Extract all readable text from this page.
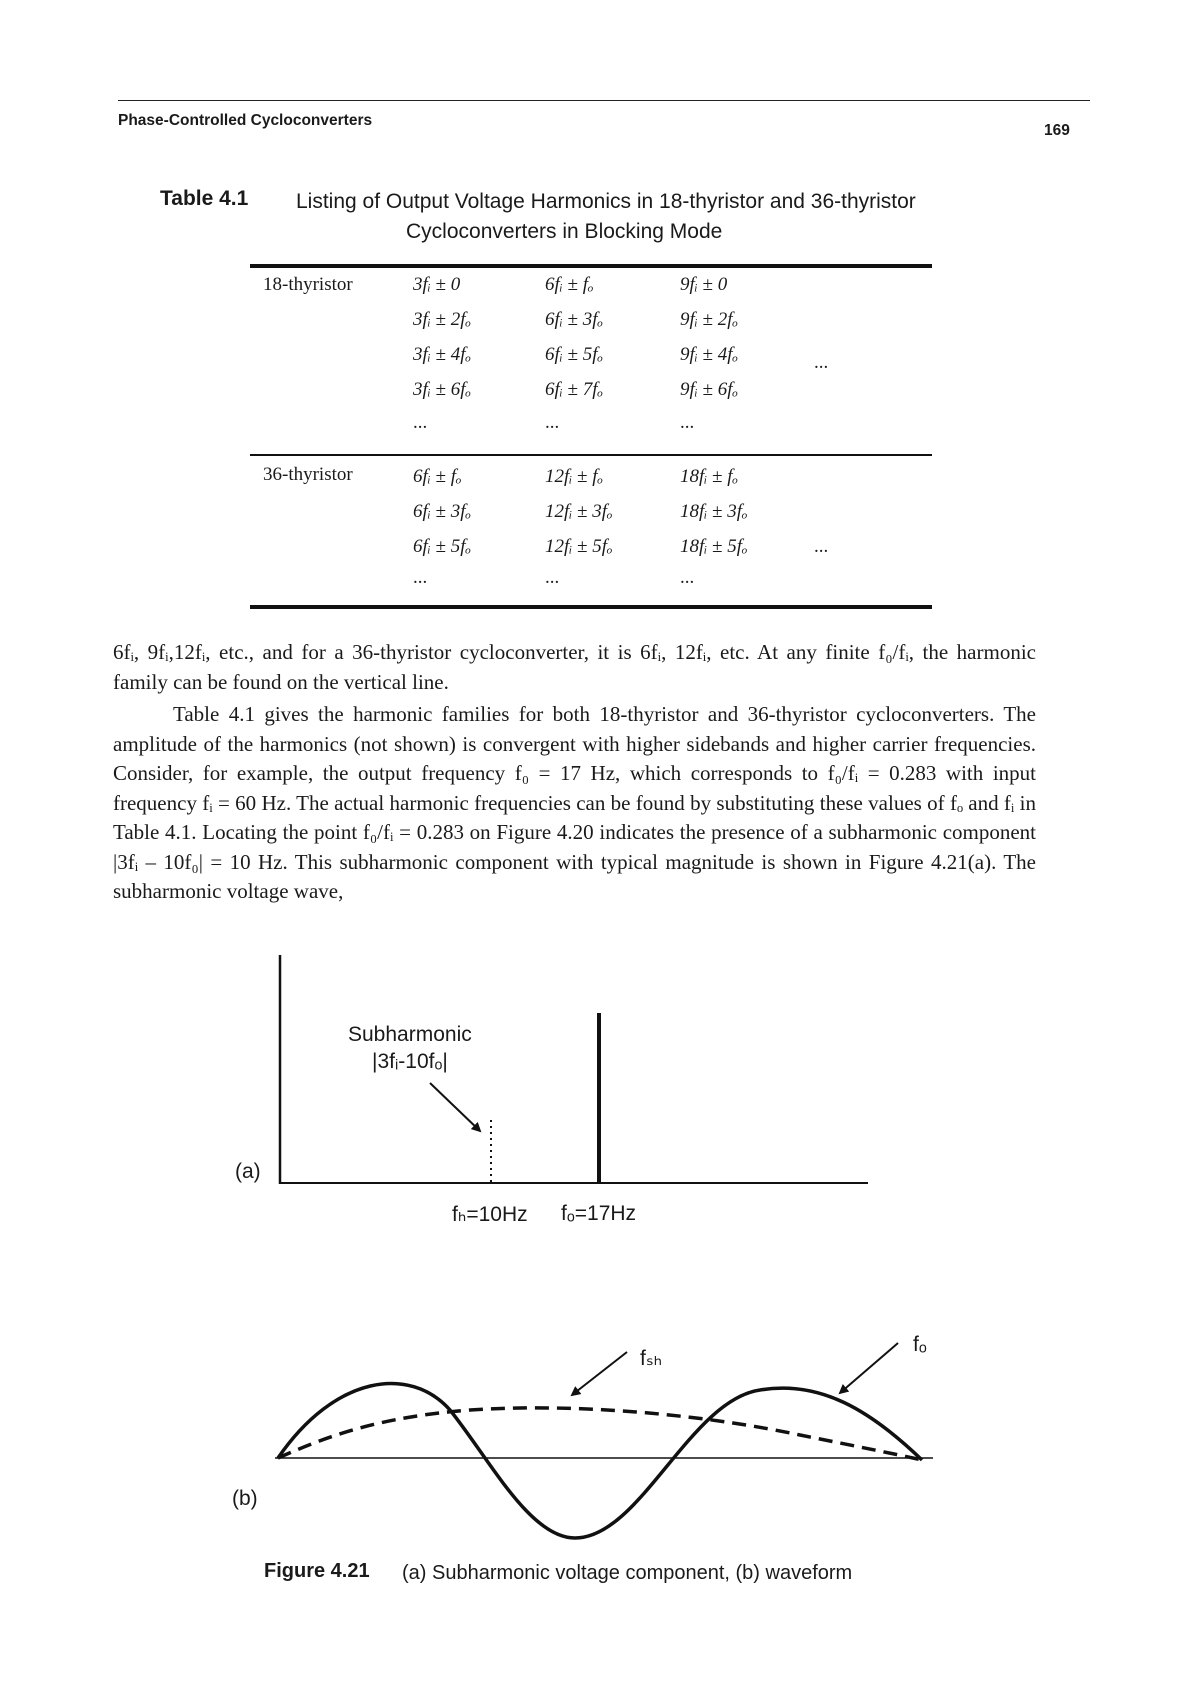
Phase-Controlled Cycloconverters
169
Table 4.1 Listing of Output Voltage Harmonics in 18-thyristor and 36-thyristor
Cycloconverters in Blocking Mode
18-thyristor	3fᵢ ± 0
3fᵢ ± 2fₒ
3fᵢ ± 4fₒ
3fᵢ ± 6fₒ
...
6fᵢ ± fₒ
6fᵢ ± 3fₒ
6fᵢ ± 5fₒ
6fᵢ ± 7fₒ
...
9fᵢ ± 0
9fᵢ ± 2fₒ
9fᵢ ± 4fₒ
9fᵢ ± 6fₒ
...
...
36-thyristor	6fᵢ ± fₒ
6fᵢ ± 3fₒ
6fᵢ ± 5fₒ
...
12fᵢ ± fₒ
12fᵢ ± 3fₒ
12fᵢ ± 5fₒ
...
18fᵢ ± fₒ
18fᵢ ± 3fₒ
18fᵢ ± 5fₒ
...
...
6fᵢ, 9fᵢ,12fᵢ, etc., and for a 36-thyristor cycloconverter, it is 6fᵢ, 12fᵢ, etc. At any finite f₀/fᵢ, the harmonic family can be found on the vertical line.
Table 4.1 gives the harmonic families for both 18-thyristor and 36-thyristor cycloconverters. The amplitude of the harmonics (not shown) is convergent with higher sidebands and higher carrier frequencies. Consider, for example, the output frequency f₀ = 17 Hz, which corresponds to f₀/fᵢ = 0.283 with input frequency fᵢ = 60 Hz. The actual harmonic frequencies can be found by substituting these values of fₒ and fᵢ in Table 4.1. Locating the point f₀/fᵢ = 0.283 on Figure 4.20 indicates the presence of a subharmonic component |3fᵢ – 10f₀| = 10 Hz. This subharmonic component with typical magnitude is shown in Figure 4.21(a). The subharmonic voltage wave,
Subharmonic
|3fᵢ-10fₒ|
(a)
fₕ=10Hz fₒ=17Hz
fₛₕ
fₒ
(b)
Figure 4.21 (a) Subharmonic voltage component, (b) waveform
